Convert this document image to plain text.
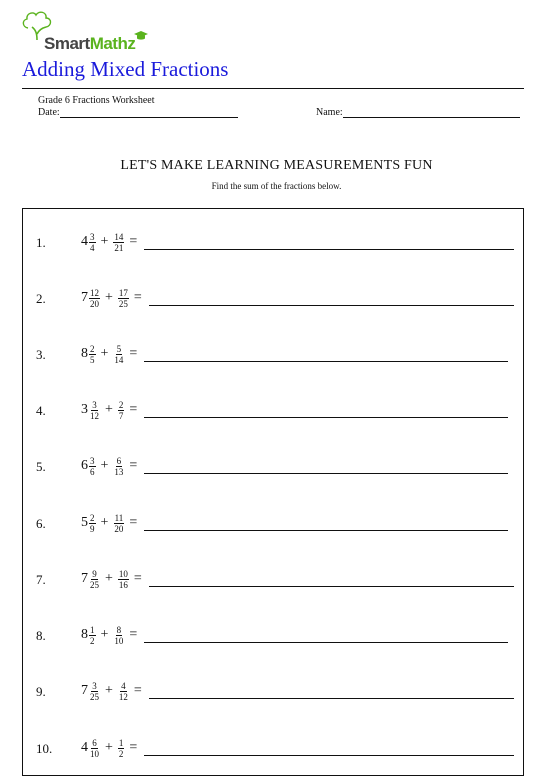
SmartMathz
Adding Mixed Fractions
Grade 6 Fractions Worksheet
Date:	Name:
LET'S MAKE LEARNING MEASUREMENTS FUN
Find the sum of the fractions below.
1.	$4 \frac{3}{4} + \frac{14}{21}$ =
2.	$7 \frac{12}{20} + \frac{17}{25}$ =
3.	$8 \frac{2}{5} + \frac{5}{14}$ =
4.	$3 \frac{3}{12} + \frac{2}{7}$ =
5.	$6 \frac{3}{6} + \frac{6}{13}$ =
6.	$5 \frac{2}{9} + \frac{11}{20}$ =
7.	$7 \frac{9}{25} + \frac{10}{16}$ =
8.	$8 \frac{1}{2} + \frac{8}{10}$ =
9.	$7 \frac{3}{25} + \frac{4}{12}$ =
10. $4 \frac{6}{10} + \frac{1}{2}$ =
